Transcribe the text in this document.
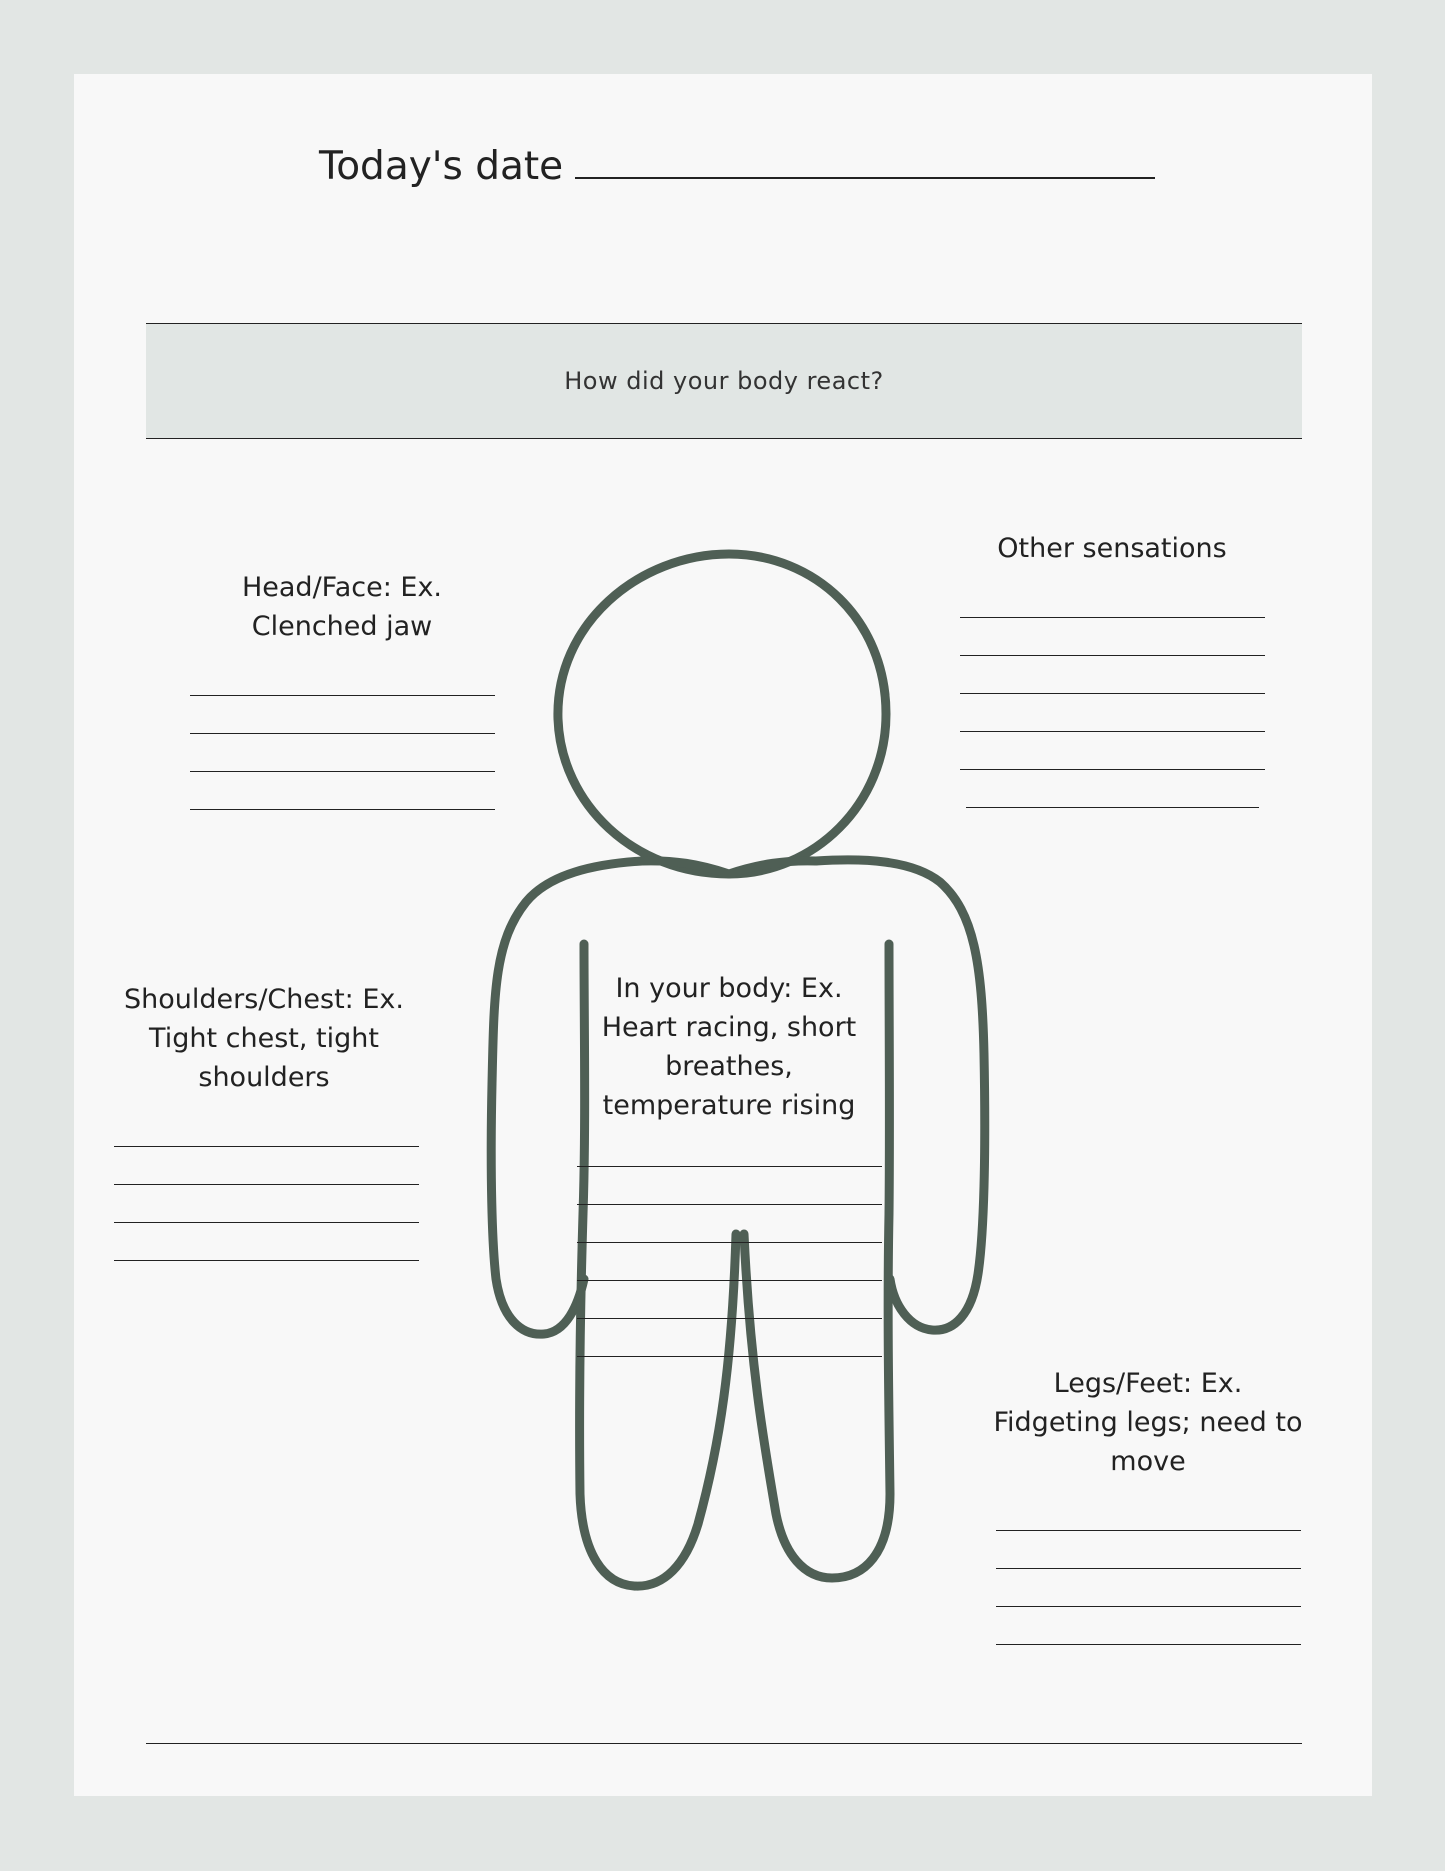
Today's date
How did your body react?
Head/Face: Ex.
Clenched jaw
Other sensations
Shoulders/Chest: Ex.
Tight chest, tight
shoulders
In your body: Ex.
Heart racing, short
breathes,
temperature rising
Legs/Feet: Ex.
Fidgeting legs; need to
move
